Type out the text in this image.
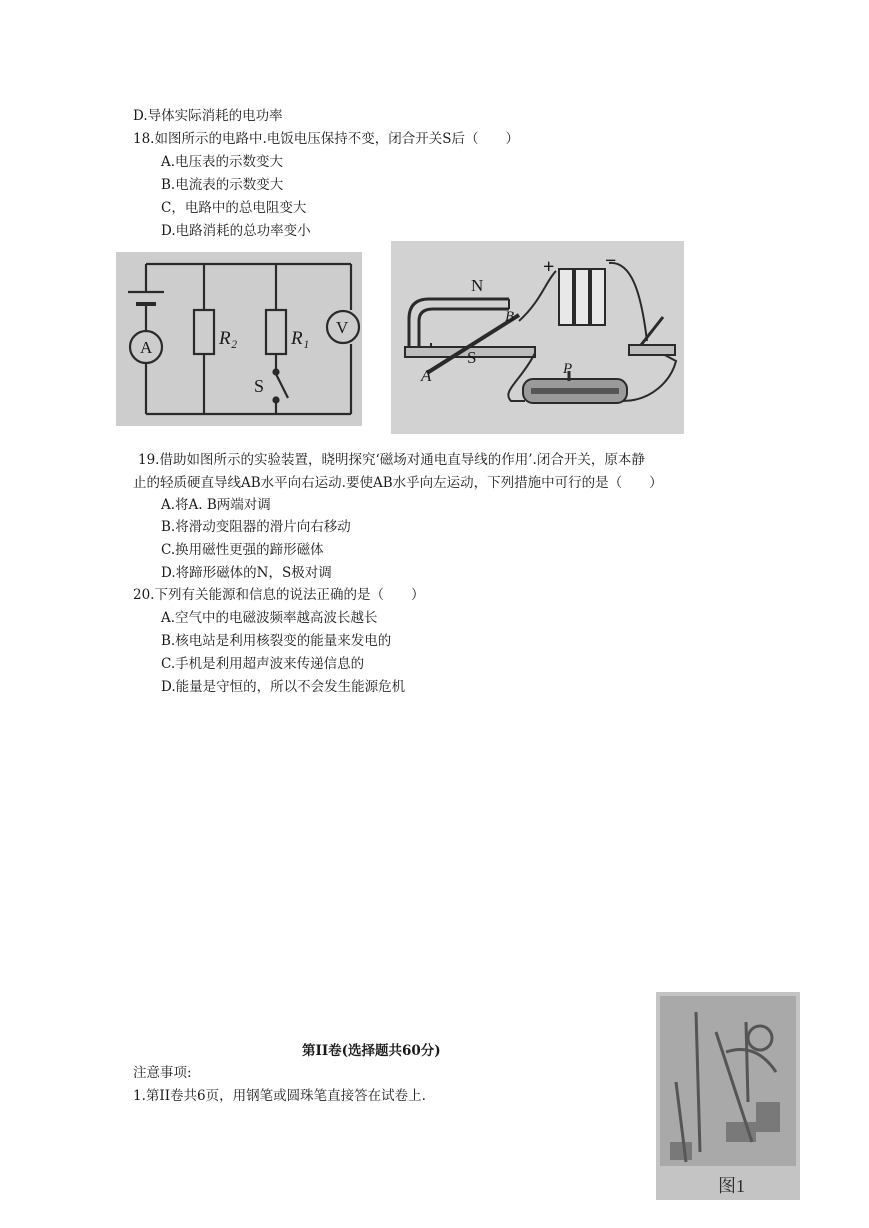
D.导体实际消耗的电功率
18.如图所示的电路中.电饭电压保持不变，闭合开关S后（　　）
A.电压表的示数变大
B.电流表的示数变大
C，电路中的总电阻变大
D.电路消耗的总功率变小
A	R₂	R₁
V
S
N
S
A
B
P
+	−
19.借助如图所示的实验装置，晓明探究‘磁场对通电直导线的作用’.闭合开关，原本静
止的轻质硬直导线AB水平向右运动.要使AB水乎向左运动，下列措施中可行的是（　　）
A.将A. B两端对调
B.将滑动变阻器的滑片向右移动
C.换用磁性更强的蹄形磁体
D.将蹄形磁体的N，S极对调
20.下列有关能源和信息的说法正确的是（　　）
A.空气中的电磁波频率越高波长越长
B.核电站是利用核裂变的能量来发电的
C.手机是利用超声波来传递信息的
D.能量是守恒的，所以不会发生能源危机
第II卷(选择题共60分)
注意事项:
1.第II卷共6页，用钢笔或圆珠笔直接答在试卷上.
图1
